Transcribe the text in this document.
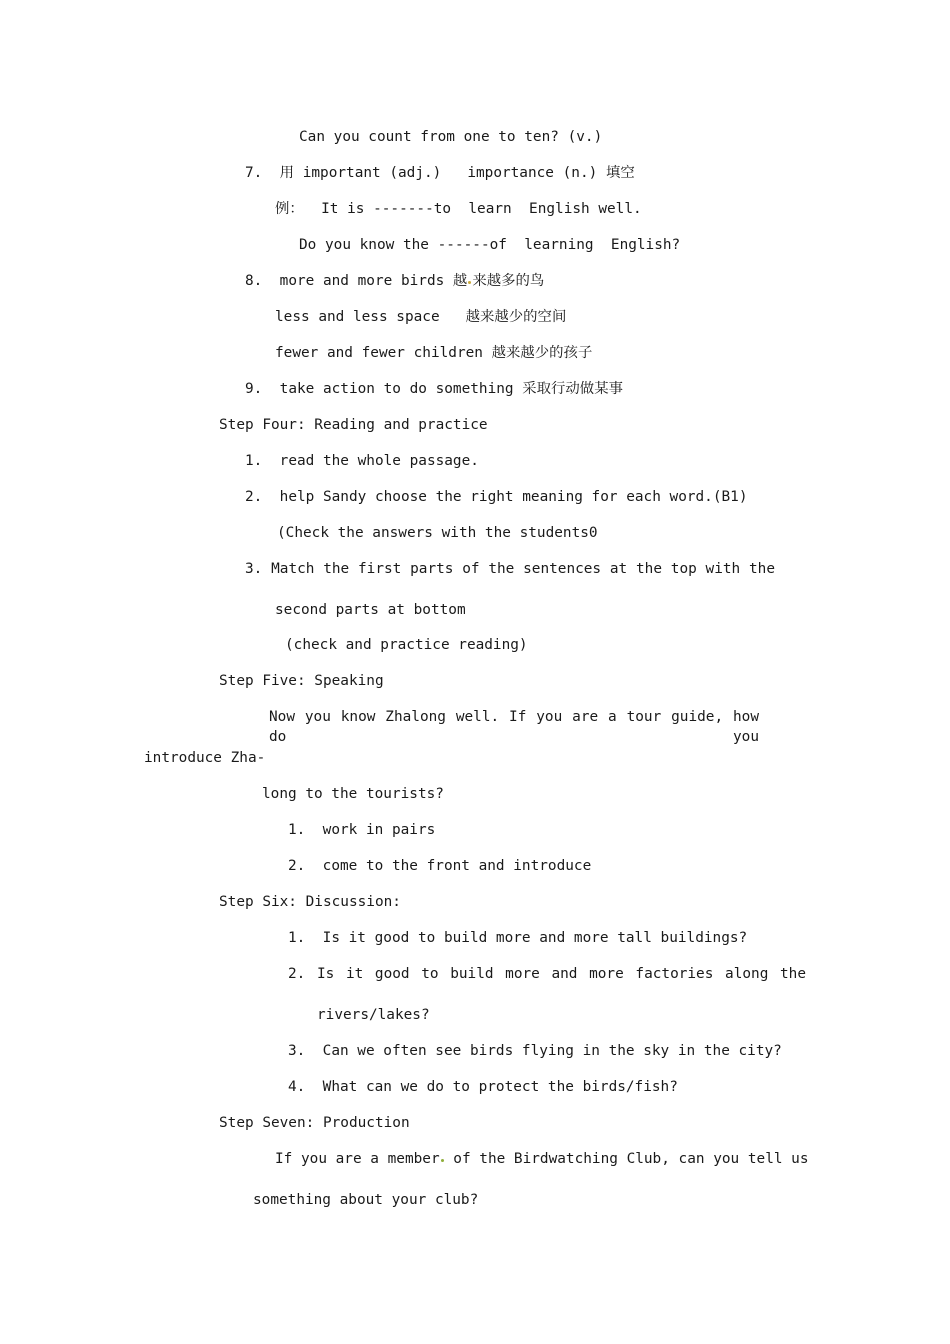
Can you count from one to ten? (v.)
7.  用 important (adj.)   importance (n.) 填空
例：  It is -------to  learn  English well.
Do you know the ------of  learning  English?
8.  more and more birds 越 来越多的鸟
less and less space   越来越少的空间
fewer and fewer children 越来越少的孩子
9.  take action to do something 采取行动做某事
Step Four: Reading and practice
1.  read the whole passage.
2.  help Sandy choose the right meaning for each word.(B1)
(Check the answers with the students0
3. Match the first parts of the sentences at the top with the
second parts at bottom
(check and practice reading)
Step Five: Speaking
Now you know Zhalong well. If you are a tour guide, how do you
introduce Zha-
long to the tourists?
1.  work in pairs
2.  come to the front and introduce
Step Six: Discussion:
1.  Is it good to build more and more tall buildings?
2. Is it good to build more and more factories along the
rivers/lakes?
3.  Can we often see birds flying in the sky in the city?
4.  What can we do to protect the birds/fish?
Step Seven: Production
If you are a member of the Birdwatching Club, can you tell us
something about your club?
